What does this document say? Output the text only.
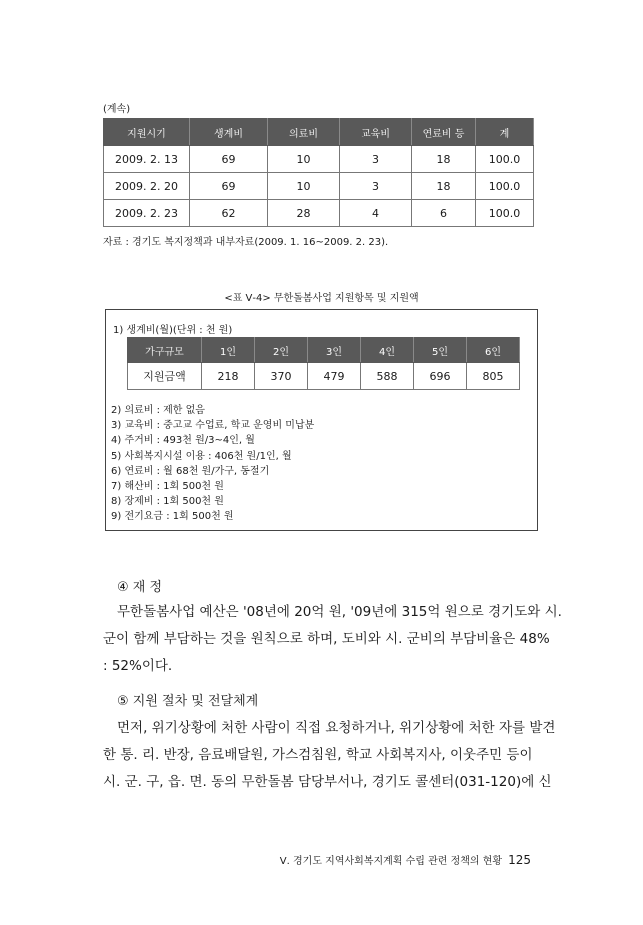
(계속)
지원시기	생계비	의료비	교육비	연료비 등	계
2009. 2. 13	69	10	3	18	100.0
2009. 2. 20	69	10	3	18	100.0
2009. 2. 23	62	28	4	6	100.0
자료 : 경기도 복지정책과 내부자료(2009. 1. 16~2009. 2. 23).
<표 Ⅴ-4> 무한돌봄사업 지원항목 및 지원액
1) 생계비(월)(단위 : 천 원)
가구규모	1인	2인	3인	4인	5인	6인
지원금액	218	370	479	588	696	805
2) 의료비 : 제한 없음
3) 교육비 : 중고교 수업료, 학교 운영비 미납분
4) 주거비 : 493천 원/3~4인, 월
5) 사회복지시설 이용 : 406천 원/1인, 월
6) 연료비 : 월 68천 원/가구, 동절기
7) 해산비 : 1회 500천 원
8) 장제비 : 1회 500천 원
9) 전기요금 : 1회 500천 원
④ 재 정
무한돌봄사업 예산은 '08년에 20억 원, '09년에 315억 원으로 경기도와 시.
군이 함께 부담하는 것을 원칙으로 하며, 도비와 시. 군비의 부담비율은 48%
: 52%이다.
⑤ 지원 절차 및 전달체계
먼저, 위기상황에 처한 사람이 직접 요청하거나, 위기상황에 처한 자를 발견
한 통. 리. 반장, 음료배달원, 가스검침원, 학교 사회복지사, 이웃주민 등이
시. 군. 구, 읍. 면. 동의 무한돌봄 담당부서나, 경기도 콜센터(031-120)에 신
Ⅴ. 경기도 지역사회복지계획 수립 관련 정책의 현황 125
